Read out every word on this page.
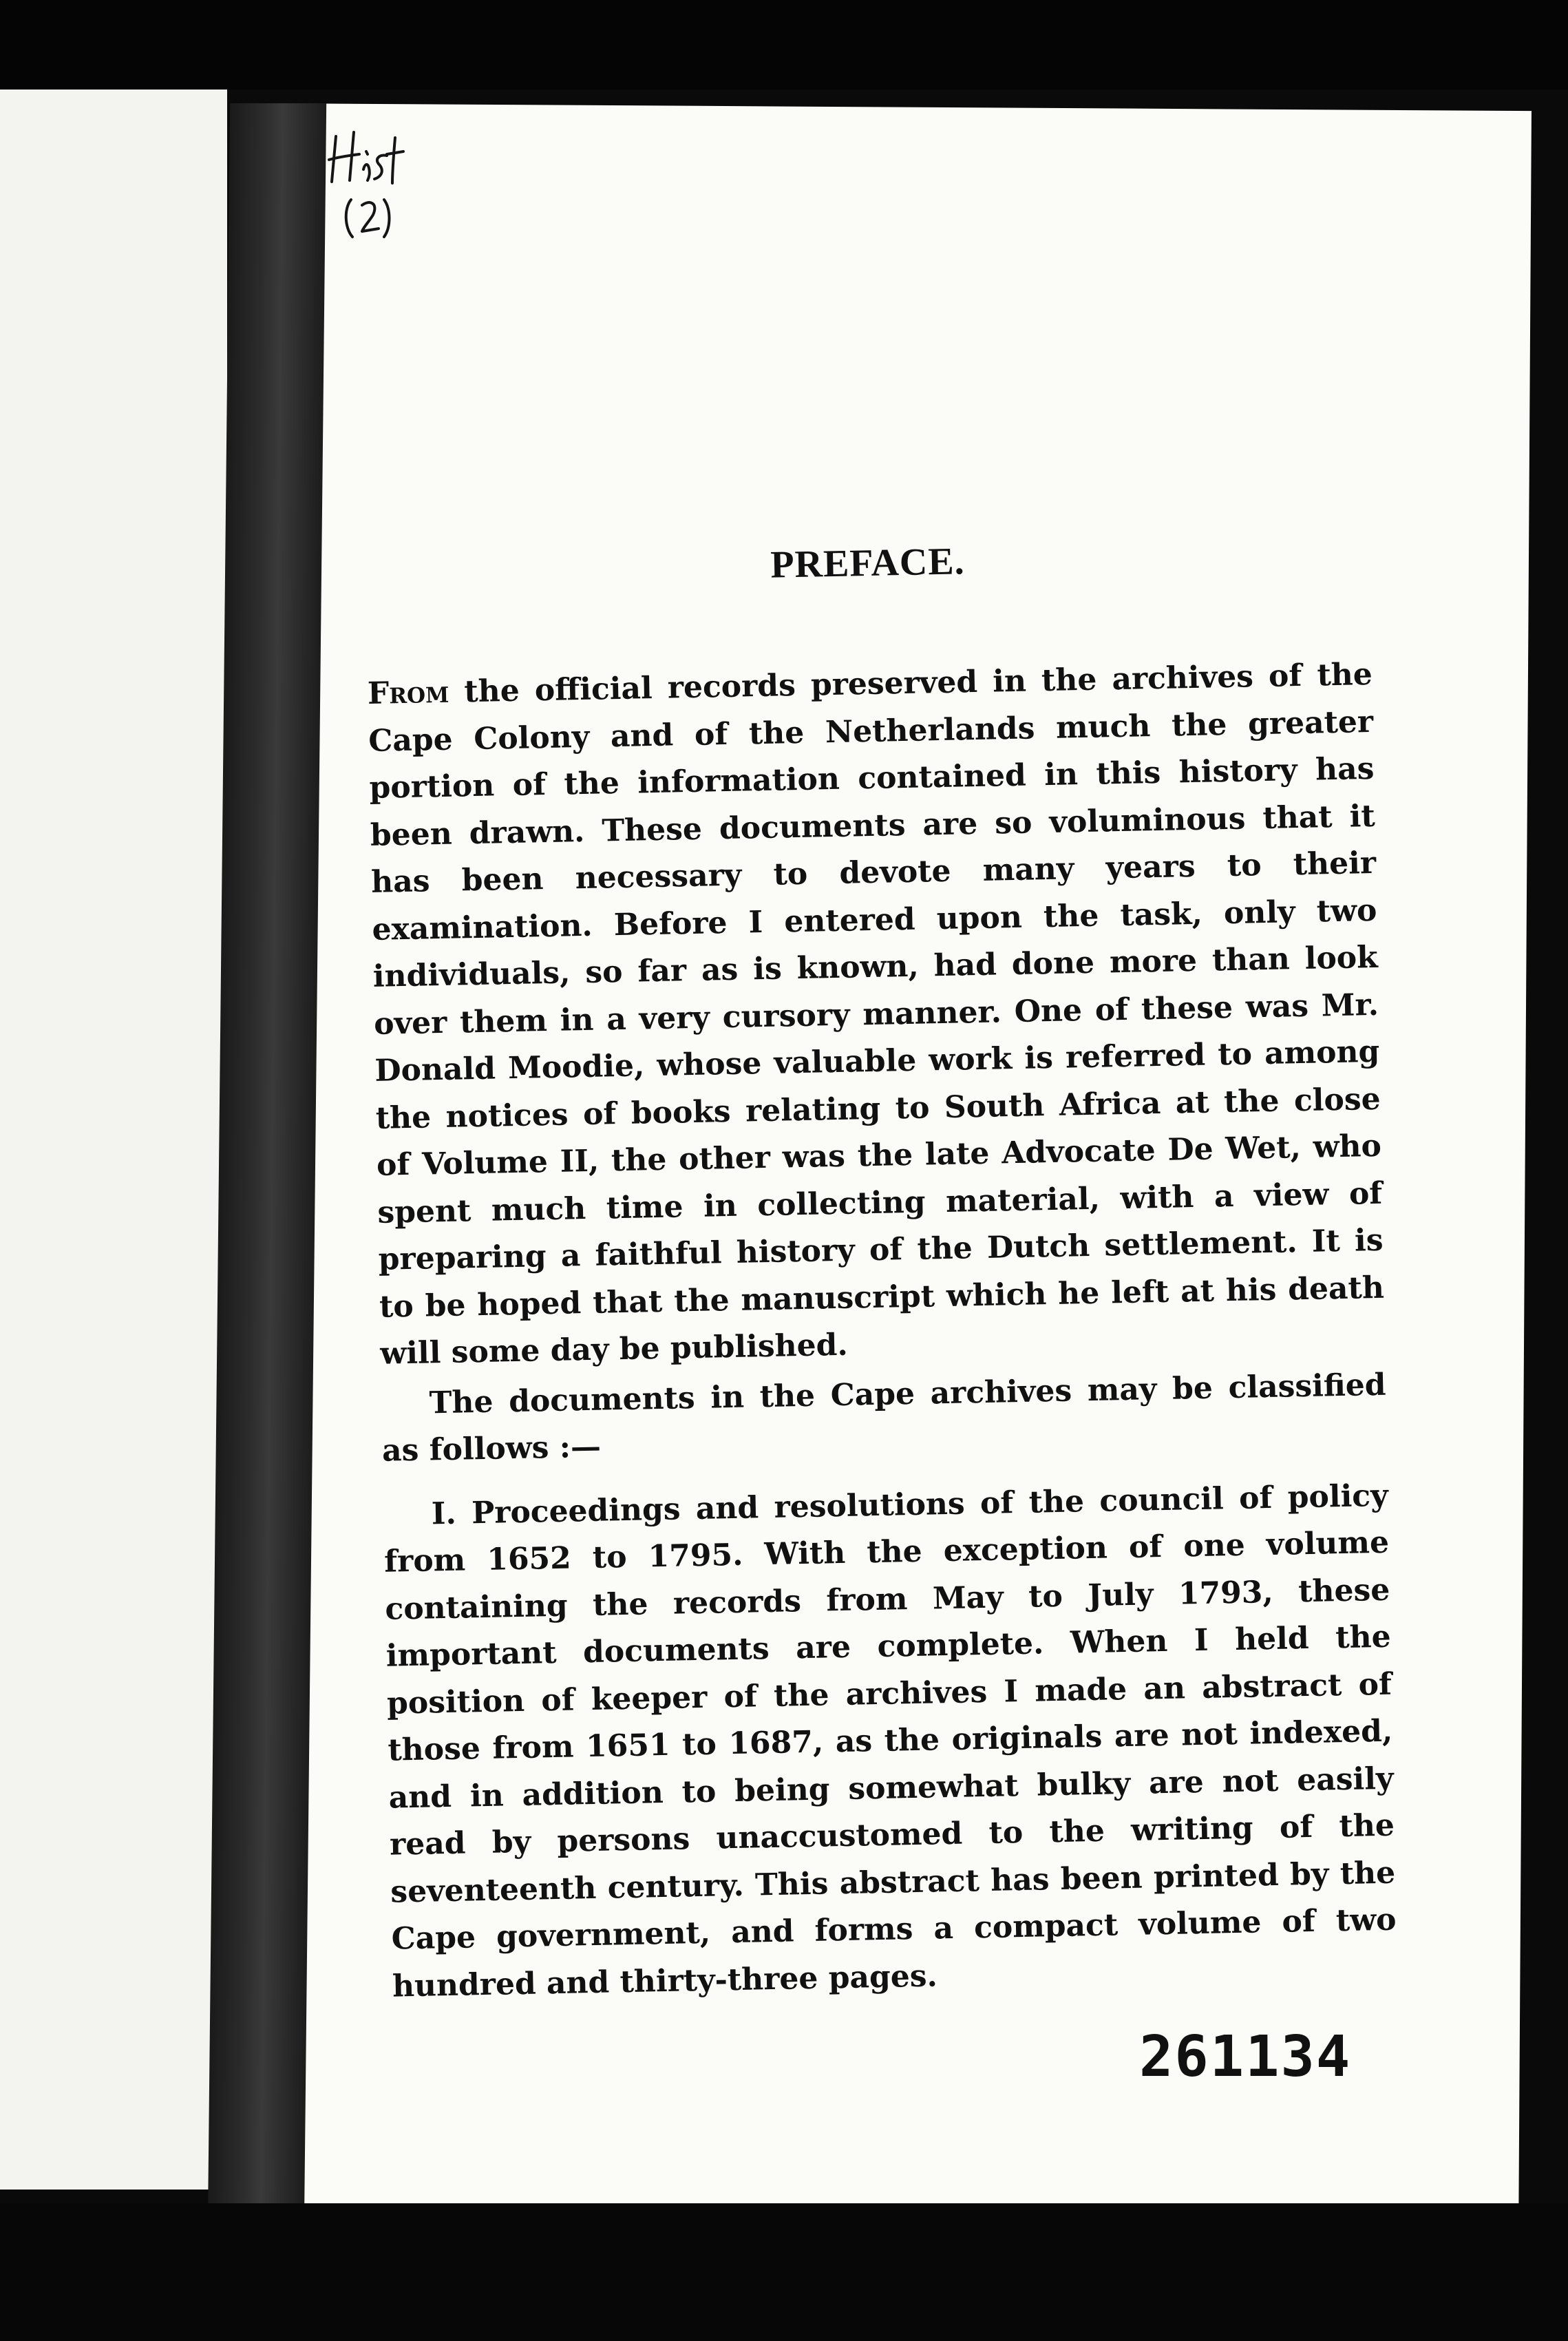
PREFACE.

From the official records preserved in the archives of the Cape Colony and of the Netherlands much the greater portion of the information contained in this history has been drawn. These documents are so voluminous that it has been necessary to devote many years to their examination. Before I entered upon the task, only two individuals, so far as is known, had done more than look over them in a very cursory manner. One of these was Mr. Donald Moodie, whose valuable work is referred to among the notices of books relating to South Africa at the close of Volume II, the other was the late Advocate De Wet, who spent much time in collecting material, with a view of preparing a faithful history of the Dutch settlement. It is to be hoped that the manuscript which he left at his death will some day be published.

The documents in the Cape archives may be classified as follows :—

I. Proceedings and resolutions of the council of policy from 1652 to 1795. With the exception of one volume containing the records from May to July 1793, these important documents are complete. When I held the position of keeper of the archives I made an abstract of those from 1651 to 1687, as the originals are not indexed, and in addition to being somewhat bulky are not easily read by persons unaccustomed to the writing of the seventeenth century. This abstract has been printed by the Cape government, and forms a compact volume of two hundred and thirty-three pages.

261134
